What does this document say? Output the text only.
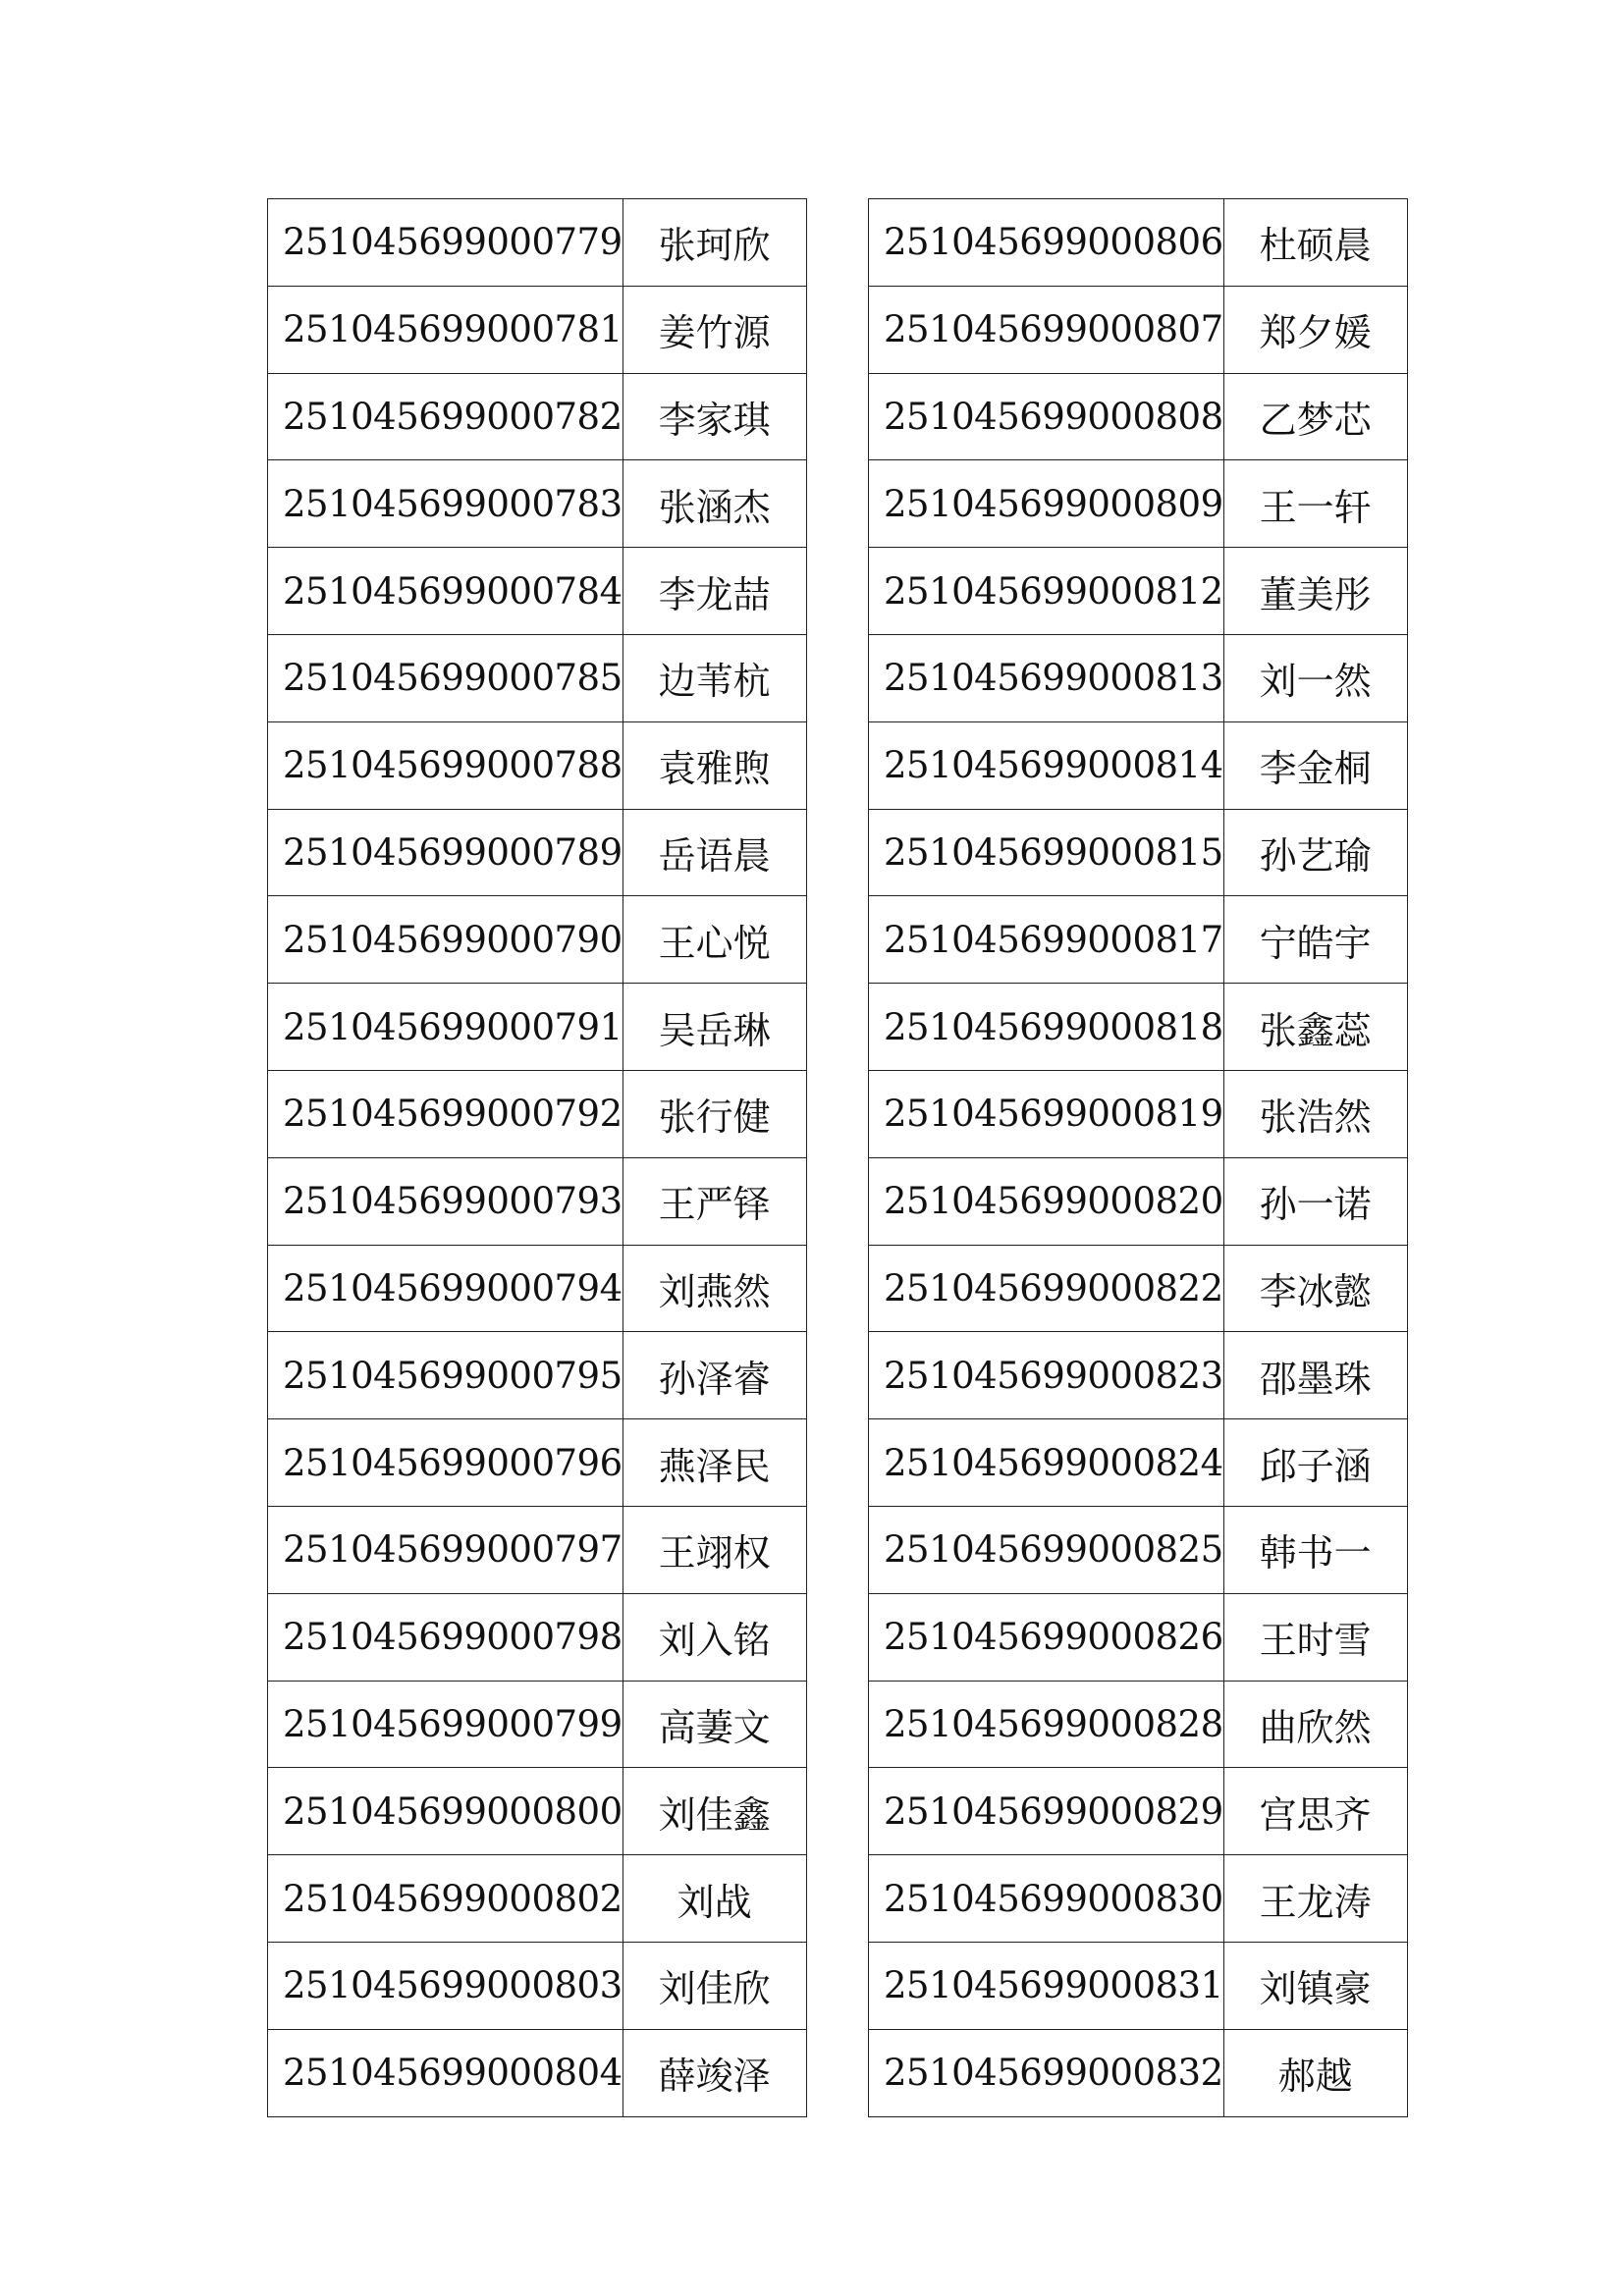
251045699000779	张珂欣
251045699000781	姜竹源
251045699000782	李家琪
251045699000783	张涵杰
251045699000784	李龙喆
251045699000785	边苇杭
251045699000788	袁雅煦
251045699000789	岳语晨
251045699000790	王心悦
251045699000791	吴岳琳
251045699000792	张行健
251045699000793	王严铎
251045699000794	刘燕然
251045699000795	孙泽睿
251045699000796	燕泽民
251045699000797	王翊权
251045699000798	刘入铭
251045699000799	高萋文
251045699000800	刘佳鑫
251045699000802	刘战
251045699000803	刘佳欣
251045699000804	薛竣泽
251045699000806	杜硕晨
251045699000807	郑夕媛
251045699000808	乙梦芯
251045699000809	王一轩
251045699000812	董美彤
251045699000813	刘一然
251045699000814	李金桐
251045699000815	孙艺瑜
251045699000817	宁皓宇
251045699000818	张鑫蕊
251045699000819	张浩然
251045699000820	孙一诺
251045699000822	李冰懿
251045699000823	邵墨珠
251045699000824	邱子涵
251045699000825	韩书一
251045699000826	王时雪
251045699000828	曲欣然
251045699000829	宫思齐
251045699000830	王龙涛
251045699000831	刘镇豪
251045699000832	郝越
